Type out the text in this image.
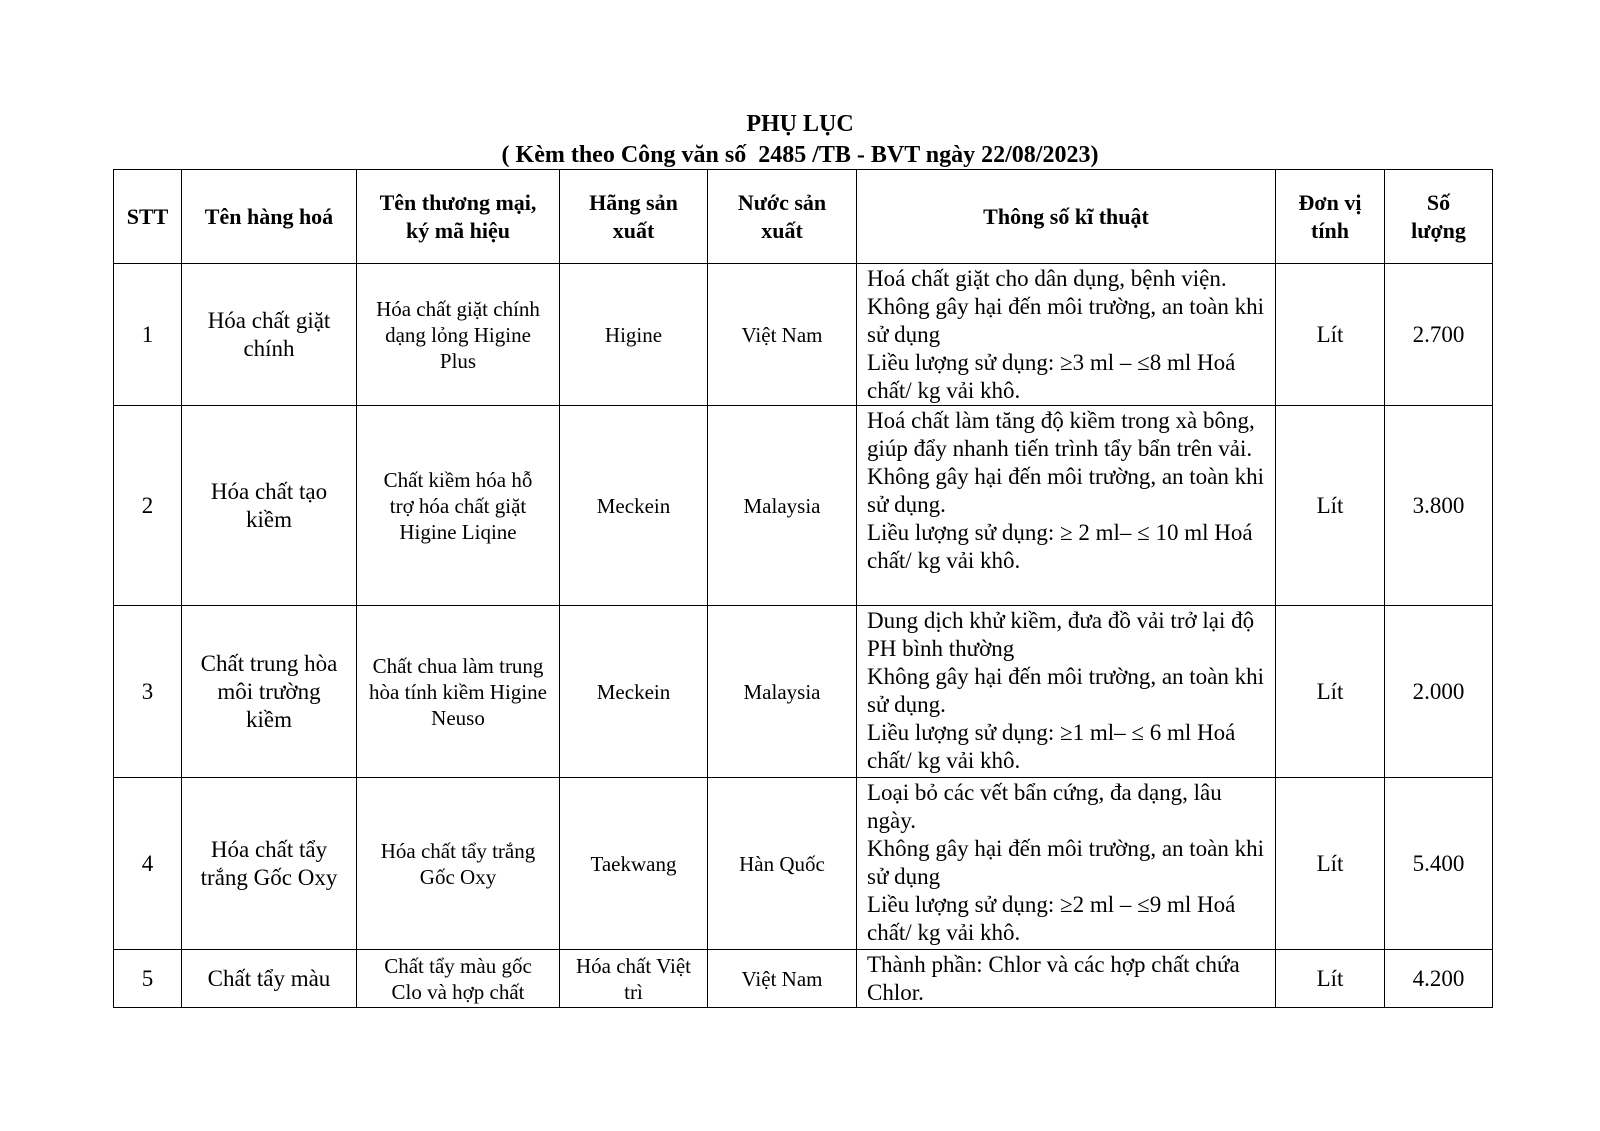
PHỤ LỤC
( Kèm theo Công văn số  2485 /TB - BVT ngày 22/08/2023)
STT	Tên hàng hoá	Tên thương mại, ký mã hiệu	Hãng sản xuất	Nước sản xuất	Thông số kĩ thuật	Đơn vị tính	Số lượng
1	Hóa chất giặt chính	Hóa chất giặt chính dạng lỏng Higine Plus	Higine	Việt Nam	Hoá chất giặt cho dân dụng, bệnh viện.
Không gây hại đến môi trường, an toàn khi sử dụng
Liều lượng sử dụng: ≥3 ml – ≤8 ml Hoá chất/ kg vải khô.	Lít	2.700
2	Hóa chất tạo kiềm	Chất kiềm hóa hỗ trợ hóa chất giặt Higine Liqine	Meckein	Malaysia	Hoá chất làm tăng độ kiềm trong xà bông, giúp đẩy nhanh tiến trình tẩy bẩn trên vải.
Không gây hại đến môi trường, an toàn khi sử dụng.
Liều lượng sử dụng: ≥ 2 ml– ≤ 10 ml Hoá chất/ kg vải khô.	Lít	3.800
3	Chất trung hòa môi trường kiềm	Chất chua làm trung hòa tính kiềm Higine Neuso	Meckein	Malaysia	Dung dịch khử kiềm, đưa đồ vải trở lại độ PH bình thường
Không gây hại đến môi trường, an toàn khi sử dụng.
Liều lượng sử dụng: ≥1 ml– ≤ 6 ml Hoá chất/ kg vải khô.	Lít	2.000
4	Hóa chất tẩy trắng Gốc Oxy	Hóa chất tẩy trắng Gốc Oxy	Taekwang	Hàn Quốc	Loại bỏ các vết bẩn cứng, đa dạng, lâu ngày.
Không gây hại đến môi trường, an toàn khi sử dụng
Liều lượng sử dụng: ≥2 ml – ≤9 ml Hoá chất/ kg vải khô.	Lít	5.400
5	Chất tẩy màu	Chất tẩy màu gốc Clo và hợp chất	Hóa chất Việt trì	Việt Nam	Thành phần: Chlor và các hợp chất chứa Chlor.	Lít	4.200
